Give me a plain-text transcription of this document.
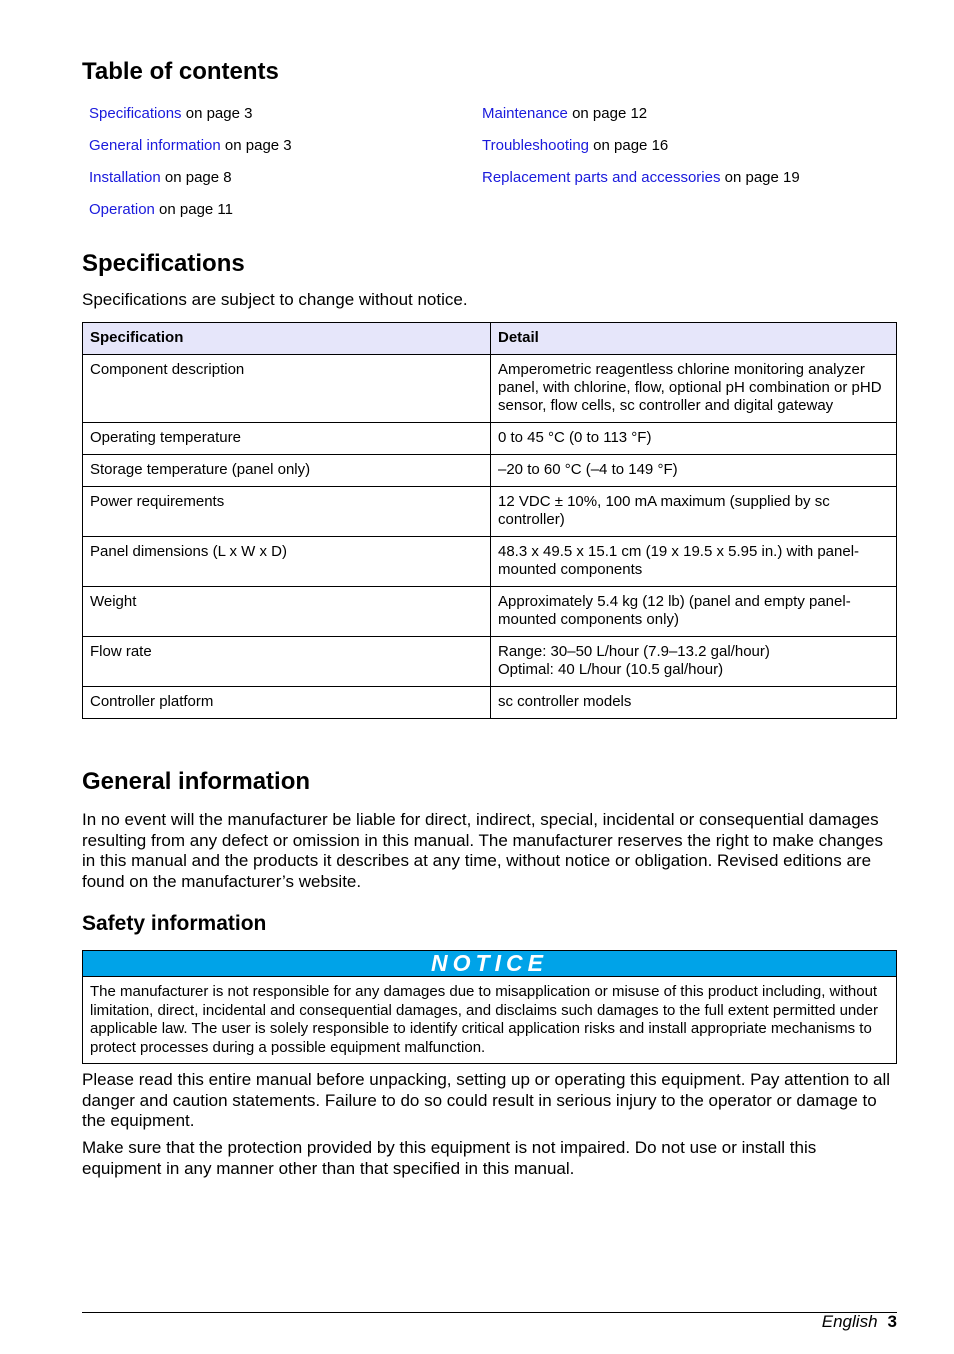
Table of contents
Specifications on page 3
General information on page 3
Installation on page 8
Operation on page 11
Maintenance on page 12
Troubleshooting on page 16
Replacement parts and accessories on page 19
Specifications

Specifications are subject to change without notice.

Specification	Detail
Component description	Amperometric reagentless chlorine monitoring analyzer panel, with chlorine, flow, optional pH combination or pHD sensor, flow cells, sc controller and digital gateway

Operating temperature	0 to 45 °C (0 to 113 °F)

Storage temperature (panel only)	–20 to 60 °C (–4 to 149 °F)

Power requirements	12 VDC ± 10%, 100 mA maximum (supplied by sc controller)

Panel dimensions (L x W x D)	48.3 x 49.5 x 15.1 cm (19 x 19.5 x 5.95 in.) with panel-mounted components

Weight	Approximately 5.4 kg (12 lb) (panel and empty panel-mounted components only)

Flow rate	Range: 30–50 L/hour (7.9–13.2 gal/hour)
Optimal: 40 L/hour (10.5 gal/hour)

Controller platform	sc controller models
General information

In no event will the manufacturer be liable for direct, indirect, special, incidental or consequential damages resulting from any defect or omission in this manual. The manufacturer reserves the right to make changes in this manual and the products it describes at any time, without notice or obligation. Revised editions are found on the manufacturer’s website.

Safety information
NOTICE
The manufacturer is not responsible for any damages due to misapplication or misuse of this product including, without limitation, direct, incidental and consequential damages, and disclaims such damages to the full extent permitted under applicable law. The user is solely responsible to identify critical application risks and install appropriate mechanisms to protect processes during a possible equipment malfunction.

Please read this entire manual before unpacking, setting up or operating this equipment. Pay attention to all danger and caution statements. Failure to do so could result in serious injury to the operator or damage to the equipment.

Make sure that the protection provided by this equipment is not impaired. Do not use or install this equipment in any manner other than that specified in this manual.

English 3
